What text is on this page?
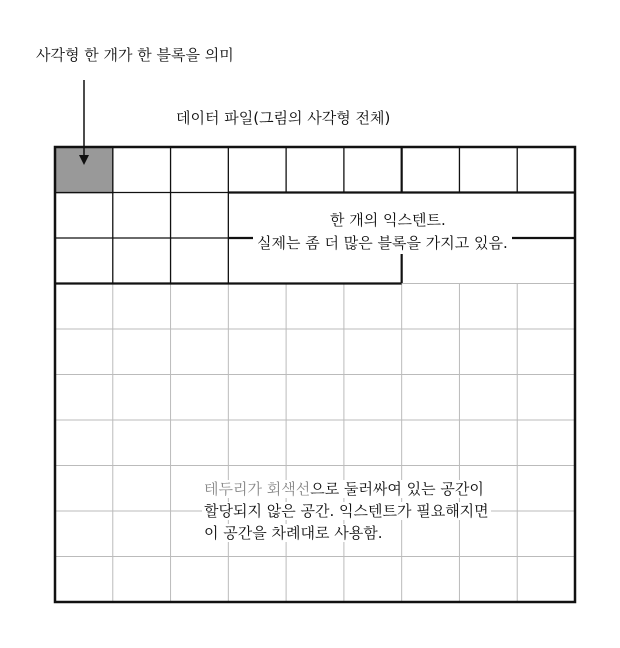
사각형 한 개가 한 블록을 의미
데이터 파일(그림의 사각형 전체)
한 개의 익스텐트.
실제는 좀 더 많은 블록을 가지고 있음.
테두리가 회색선으로 둘러싸여 있는 공간이
할당되지 않은 공간. 익스텐트가 필요해지면
이 공간을 차례대로 사용함.
